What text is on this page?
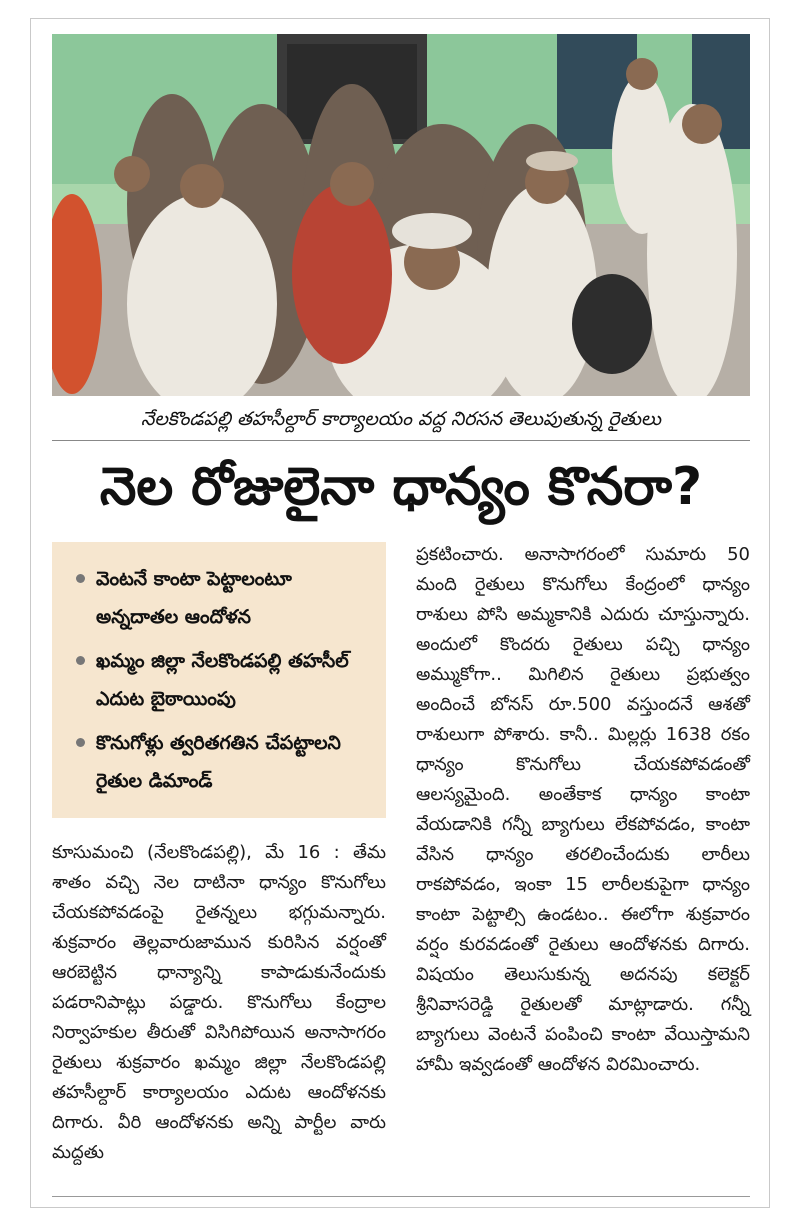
నేలకొండపల్లి తహసీల్దార్ కార్యాలయం వద్ద నిరసన తెలుపుతున్న రైతులు
నెల రోజులైనా ధాన్యం కొనరా?
వెంటనే కాంటా పెట్టాలంటూ అన్నదాతల ఆందోళన
ఖమ్మం జిల్లా నేలకొండపల్లి తహసీల్ ఎదుట బైఠాయింపు
కొనుగోళ్లు త్వరితగతిన చేపట్టాలని రైతుల డిమాండ్

కూసుమంచి (నేలకొండపల్లి), మే 16 : తేమ శాతం వచ్చి నెల దాటినా ధాన్యం కొనుగోలు చేయకపోవడంపై రైతన్నలు భగ్గుమన్నారు. శుక్రవారం తెల్లవారుజామున కురిసిన వర్షంతో ఆరబెట్టిన ధాన్యాన్ని కాపాడుకునేందుకు పడరానిపాట్లు పడ్డారు. కొనుగోలు కేంద్రాల నిర్వాహకుల తీరుతో విసిగిపోయిన అనాసాగరం రైతులు శుక్రవారం ఖమ్మం జిల్లా నేలకొండపల్లి తహసీల్దార్ కార్యాలయం ఎదుట ఆందోళనకు దిగారు. వీరి ఆందోళనకు అన్ని పార్టీల వారు మద్దతు

ప్రకటించారు. అనాసాగరంలో సుమారు 50 మంది రైతులు కొనుగోలు కేంద్రంలో ధాన్యం రాశులు పోసి అమ్మకానికి ఎదురు చూస్తున్నారు. అందులో కొందరు రైతులు పచ్చి ధాన్యం అమ్ముకోగా.. మిగిలిన రైతులు ప్రభుత్వం అందించే బోనస్ రూ.500 వస్తుందనే ఆశతో రాశులుగా పోశారు. కానీ.. మిల్లర్లు 1638 రకం ధాన్యం కొనుగోలు చేయకపోవడంతో ఆలస్యమైంది. అంతేకాక ధాన్యం కాంటా వేయడానికి గన్నీ బ్యాగులు లేకపోవడం, కాంటా వేసిన ధాన్యం తరలించేందుకు లారీలు రాకపోవడం, ఇంకా 15 లారీలకుపైగా ధాన్యం కాంటా పెట్టాల్సి ఉండటం.. ఈలోగా శుక్రవారం వర్షం కురవడంతో రైతులు ఆందోళనకు దిగారు. విషయం తెలుసుకున్న అదనపు కలెక్టర్ శ్రీనివాసరెడ్డి రైతులతో మాట్లాడారు. గన్నీ బ్యాగులు వెంటనే పంపించి కాంటా వేయిస్తామని హామీ ఇవ్వడంతో ఆందోళన విరమించారు.
